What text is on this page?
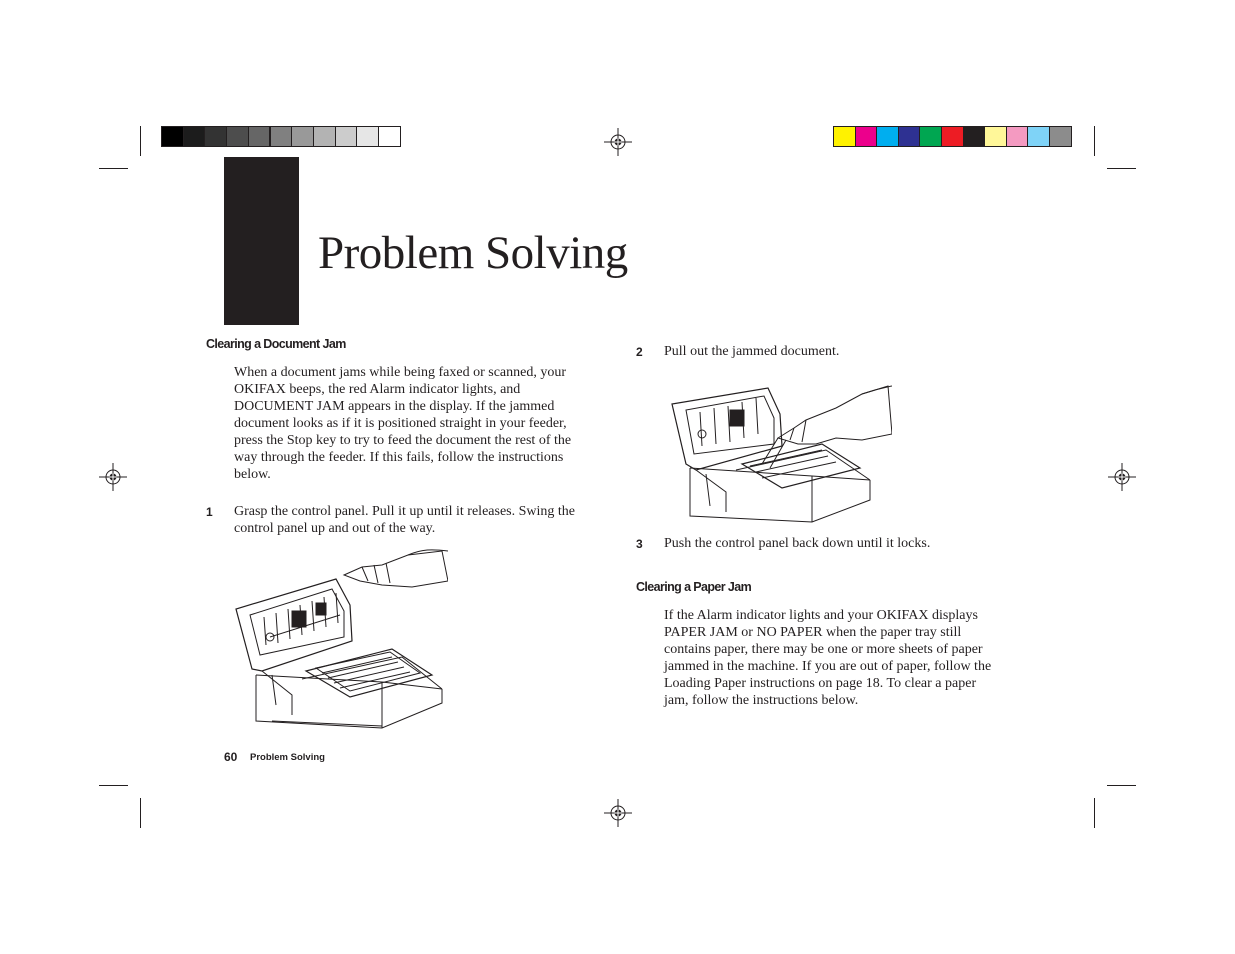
Problem Solving
Clearing a Document Jam

When a document jams while being faxed or scanned, your OKIFAX beeps, the red Alarm indicator lights, and DOCUMENT JAM appears in the display. If the jammed document looks as if it is positioned straight in your feeder, press the Stop key to try to feed the document the rest of the way through the feeder. If this fails, follow the instructions below.

1 Grasp the control panel. Pull it up until it releases. Swing the control panel up and out of the way.

2 Pull out the jammed document.

3 Push the control panel back down until it locks.

Clearing a Paper Jam

If the Alarm indicator lights and your OKIFAX displays PAPER JAM or NO PAPER when the paper tray still contains paper, there may be one or more sheets of paper jammed in the machine. If you are out of paper, follow the Loading Paper instructions on page 18. To clear a paper jam, follow the instructions below.

60 Problem Solving
